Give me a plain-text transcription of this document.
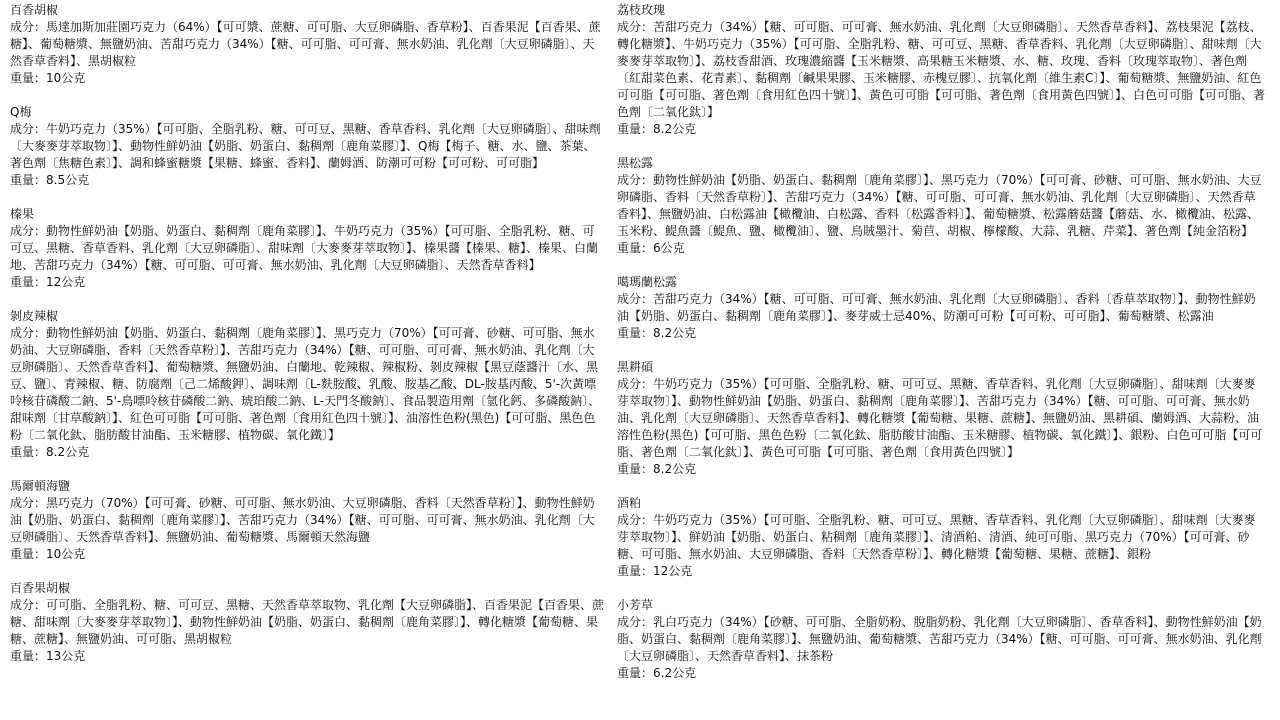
百香胡椒

成分：馬達加斯加莊園巧克力（64%）【可可漿、蔗糖、可可脂、大豆卵磷脂、香草粉】、百香果泥【百香果、蔗糖】、葡萄糖漿、無鹽奶油、苦甜巧克力（34%）【糖、可可脂、可可膏、無水奶油、乳化劑〔大豆卵磷脂〕、天然香草香料】、黑胡椒粒

重量：10公克

Q梅

成分：牛奶巧克力（35%）【可可脂、全脂乳粉、糖、可可豆、黑糖、香草香料、乳化劑〔大豆卵磷脂〕、甜味劑〔大麥麥芽萃取物〕】、動物性鮮奶油【奶脂、奶蛋白、黏稠劑〔鹿角菜膠〕】、Q梅【梅子、糖、水、鹽、茶葉、著色劑〔焦糖色素〕】、調和蜂蜜糖漿【果糖、蜂蜜、香料】、蘭姆酒、防潮可可粉【可可粉、可可脂】

重量：8.5公克

榛果

成分：動物性鮮奶油【奶脂、奶蛋白、黏稠劑〔鹿角菜膠〕】、牛奶巧克力（35%）【可可脂、全脂乳粉、糖、可可豆、黑糖、香草香料、乳化劑〔大豆卵磷脂〕、甜味劑〔大麥麥芽萃取物〕】、榛果醬【榛果、糖】、榛果、白蘭地、苦甜巧克力（34%）【糖、可可脂、可可膏、無水奶油、乳化劑〔大豆卵磷脂〕、天然香草香料】

重量：12公克

剝皮辣椒

成分：動物性鮮奶油【奶脂、奶蛋白、黏稠劑〔鹿角菜膠〕】、黑巧克力（70%）【可可膏、砂糖、可可脂、無水奶油、大豆卵磷脂、香料〔天然香草粉〕】、苦甜巧克力（34%）【糖、可可脂、可可膏、無水奶油、乳化劑〔大豆卵磷脂〕、天然香草香料】、葡萄糖漿、無鹽奶油、白蘭地、乾辣椒、辣椒粉、剝皮辣椒【黑豆蔭醬汁〔水、黑豆、鹽〕、青辣椒、糖、防腐劑〔己二烯酸鉀〕、調味劑〔L-麩胺酸、乳酸、胺基乙酸、DL-胺基丙酸、5'-次黃嘌呤核苷磷酸二鈉、5'-鳥嘌呤核苷磷酸二鈉、琥珀酸二鈉、L-天門冬酸鈉〕、食品製造用劑〔氫化鈣、多磷酸鈉〕、甜味劑〔甘草酸鈉〕】、紅色可可脂【可可脂、著色劑〔食用紅色四十號〕】、油溶性色粉(黑色)【可可脂、黑色色粉〔二氧化鈦、脂肪酸甘油酯、玉米糖膠、植物碳、氧化鐵〕】

重量：8.2公克

馬爾頓海鹽

成分：黑巧克力（70%）【可可膏、砂糖、可可脂、無水奶油、大豆卵磷脂、香料〔天然香草粉〕】、動物性鮮奶油【奶脂、奶蛋白、黏稠劑〔鹿角菜膠〕】、苦甜巧克力（34%）【糖、可可脂、可可膏、無水奶油、乳化劑〔大豆卵磷脂〕、天然香草香料】、無鹽奶油、葡萄糖漿、馬爾頓天然海鹽

重量：10公克

百香果胡椒

成分：可可脂、全脂乳粉、糖、可可豆、黑糖、天然香草萃取物、乳化劑【大豆卵磷脂】、百香果泥【百香果、蔗糖、甜味劑〔大麥麥芽萃取物〕】、動物性鮮奶油【奶脂、奶蛋白、黏稠劑〔鹿角菜膠〕】、轉化糖漿【葡萄糖、果糖、蔗糖】、無鹽奶油、可可脂、黑胡椒粒

重量：13公克

荔枝玫瑰

成分：苦甜巧克力（34%）【糖、可可脂、可可膏、無水奶油、乳化劑〔大豆卵磷脂〕、天然香草香料】、荔枝果泥【荔枝、轉化糖漿】、牛奶巧克力（35%）【可可脂、全脂乳粉、糖、可可豆、黑糖、香草香料、乳化劑〔大豆卵磷脂〕、甜味劑〔大麥麥芽萃取物〕】、荔枝香甜酒、玫瑰濃縮醬【玉米糖漿、高果糖玉米糖漿、水、糖、玫瑰、香料〔玫瑰萃取物〕、著色劑〔紅甜菜色素、花青素〕、黏稠劑〔鹹果果膠、玉米糖膠、赤槐豆膠〕、抗氧化劑〔維生素C〕】、葡萄糖漿、無鹽奶油、紅色可可脂【可可脂、著色劑〔食用紅色四十號〕】、黃色可可脂【可可脂、著色劑〔食用黃色四號〕】、白色可可脂【可可脂、著色劑〔二氧化鈦〕】

重量：8.2公克

黑松露

成分：動物性鮮奶油【奶脂、奶蛋白、黏稠劑〔鹿角菜膠〕】、黑巧克力（70%）【可可膏、砂糖、可可脂、無水奶油、大豆卵磷脂、香料〔天然香草粉〕】、苦甜巧克力（34%）【糖、可可脂、可可膏、無水奶油、乳化劑〔大豆卵磷脂〕、天然香草香料】、無鹽奶油、白松露油【橄欖油、白松露、香料〔松露香料〕】、葡萄糖漿、松露蘑菇醬【蘑菇、水、橄欖油、松露、玉米粉、鯷魚醬〔鯷魚、鹽、橄欖油〕、鹽、烏賊墨汁、菊苣、胡椒、檸檬酸、大蒜、乳糖、芹菜】、著色劑【純金箔粉】

重量：6公克

噶瑪蘭松露

成分：苦甜巧克力（34%）【糖、可可脂、可可膏、無水奶油、乳化劑〔大豆卵磷脂〕、香料〔香草萃取物〕】、動物性鮮奶油【奶脂、奶蛋白、黏稠劑〔鹿角菜膠〕】、麥芽威士忌40%、防潮可可粉【可可粉、可可脂】、葡萄糖漿、松露油

重量：8.2公克

黑耕碩

成分：牛奶巧克力（35%）【可可脂、全脂乳粉、糖、可可豆、黑糖、香草香料、乳化劑〔大豆卵磷脂〕、甜味劑〔大麥麥芽萃取物〕】、動物性鮮奶油【奶脂、奶蛋白、黏稠劑〔鹿角菜膠〕】、苦甜巧克力（34%）【糖、可可脂、可可膏、無水奶油、乳化劑〔大豆卵磷脂〕、天然香草香料】、轉化糖漿【葡萄糖、果糖、蔗糖】、無鹽奶油、黑耕碩、蘭姆酒、大蒜粉、油溶性色粉(黑色)【可可脂、黑色色粉〔二氧化鈦、脂肪酸甘油酯、玉米糖膠、植物碳、氧化鐵〕】、銀粉、白色可可脂【可可脂、著色劑〔二氧化鈦〕】、黃色可可脂【可可脂、著色劑〔食用黃色四號〕】

重量：8.2公克

酒粕

成分：牛奶巧克力（35%）【可可脂、全脂乳粉、糖、可可豆、黑糖、香草香料、乳化劑〔大豆卵磷脂〕、甜味劑〔大麥麥芽萃取物〕】、鮮奶油【奶脂、奶蛋白、粘稠劑〔鹿角菜膠〕】、清酒粕、清酒、純可可脂、黑巧克力（70%）【可可膏、砂糖、可可脂、無水奶油、大豆卵磷脂、香料〔天然香草粉〕】、轉化糖漿【葡萄糖、果糖、蔗糖】、銀粉

重量：12公克

小芳草

成分：乳白巧克力（34%）【砂糖、可可脂、全脂奶粉、脫脂奶粉、乳化劑〔大豆卵磷脂〕、香草香料】、動物性鮮奶油【奶脂、奶蛋白、黏稠劑〔鹿角菜膠〕】、無鹽奶油、葡萄糖漿、苦甜巧克力（34%）【糖、可可脂、可可膏、無水奶油、乳化劑〔大豆卵磷脂〕、天然香草香料】、抹茶粉

重量：6.2公克
